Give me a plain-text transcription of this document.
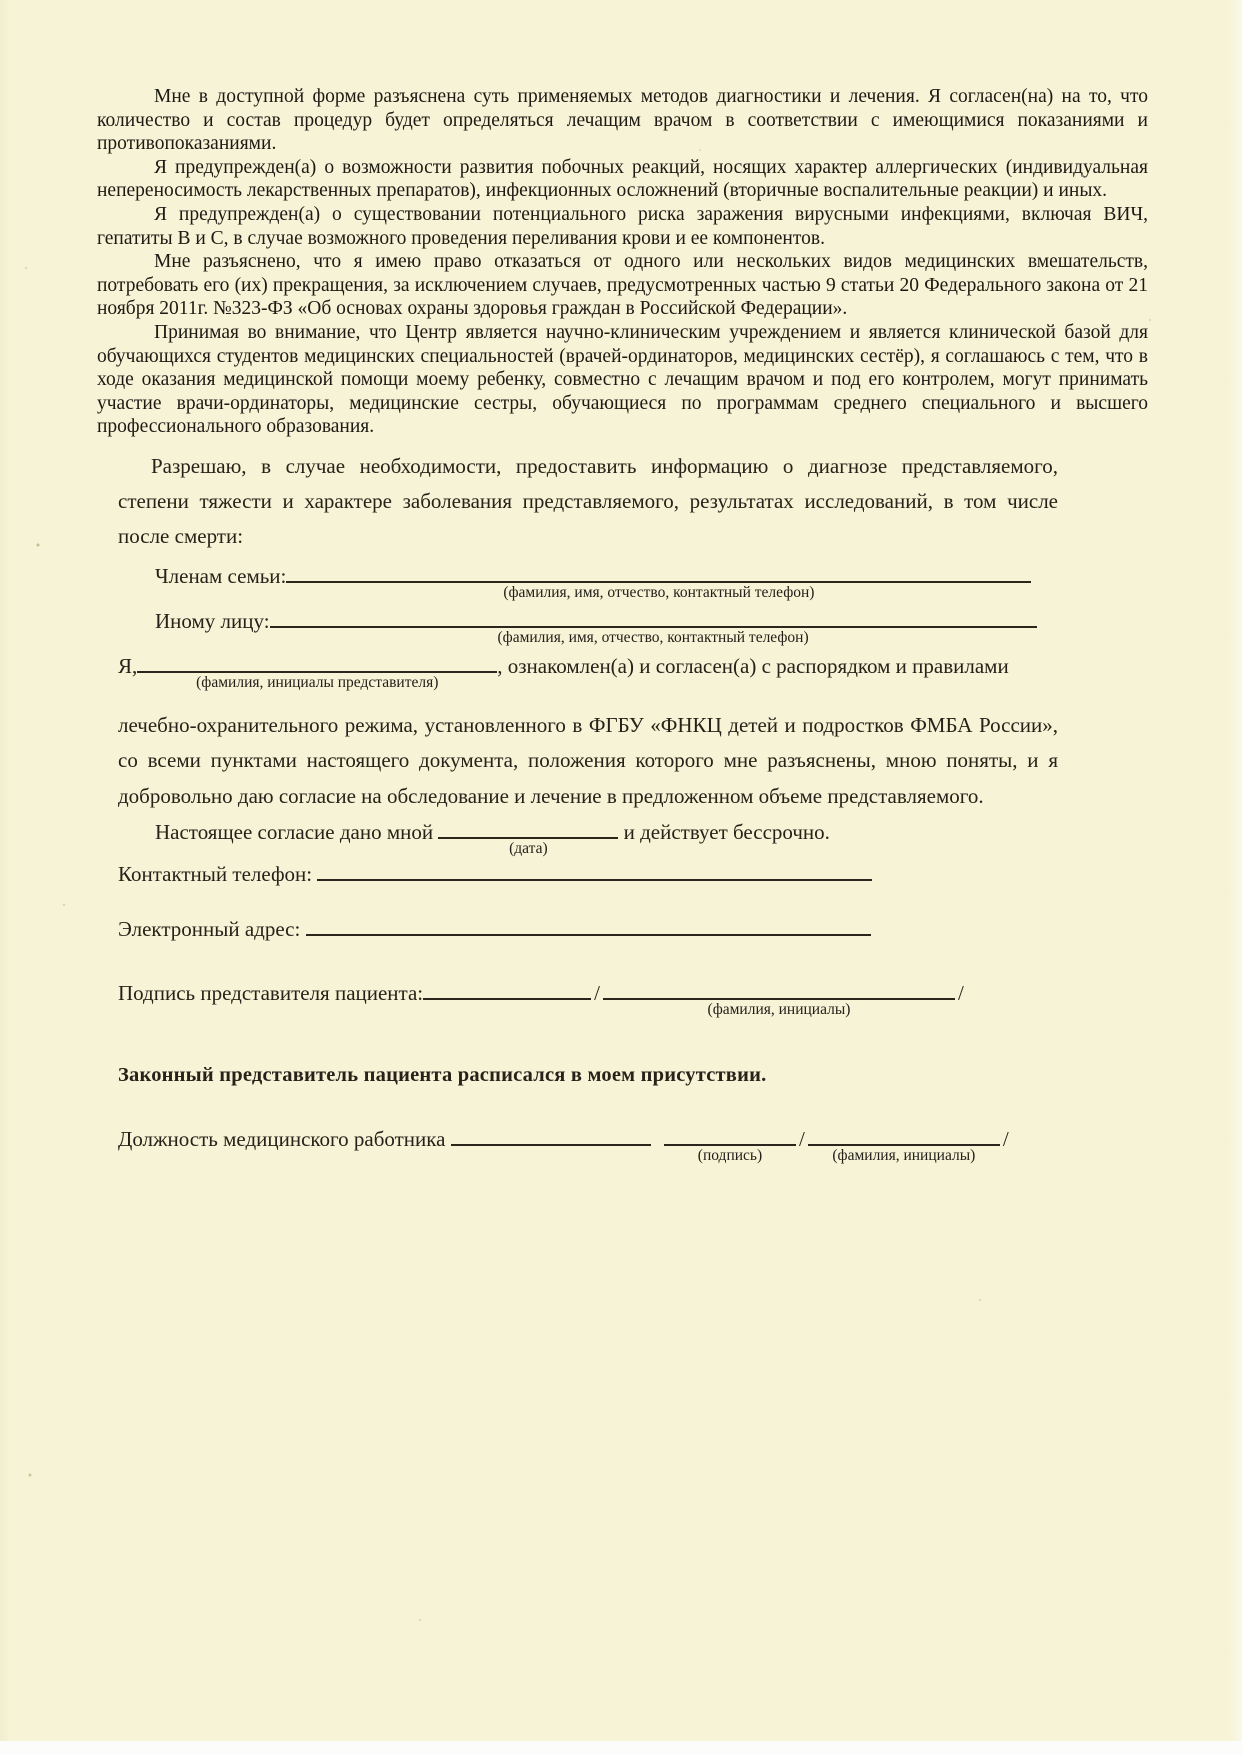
Мне в доступной форме разъяснена суть применяемых методов диагностики и лечения. Я согласен(на) на то, что количество и состав процедур будет определяться лечащим врачом в соответствии с имеющимися показаниями и противопоказаниями.

Я предупрежден(а) о возможности развития побочных реакций, носящих характер аллергических (индивидуальная непереносимость лекарственных препаратов), инфекционных осложнений (вторичные воспалительные реакции) и иных.

Я предупрежден(а) о существовании потенциального риска заражения вирусными инфекциями, включая ВИЧ, гепатиты В и С, в случае возможного проведения переливания крови и ее компонентов.

Мне разъяснено, что я имею право отказаться от одного или нескольких видов медицинских вмешательств, потребовать его (их) прекращения, за исключением случаев, предусмотренных частью 9 статьи 20 Федерального закона от 21 ноября 2011г. №323-ФЗ «Об основах охраны здоровья граждан в Российской Федерации».

Принимая во внимание, что Центр является научно-клиническим учреждением и является клинической базой для обучающихся студентов медицинских специальностей (врачей-ординаторов, медицинских сестёр), я соглашаюсь с тем, что в ходе оказания медицинской помощи моему ребенку, совместно с лечащим врачом и под его контролем, могут принимать участие врачи-ординаторы, медицинские сестры, обучающиеся по программам среднего специального и высшего профессионального образования.

Разрешаю, в случае необходимости, предоставить информацию о диагнозе представляемого, степени тяжести и характере заболевания представляемого, результатах исследований, в том числе после смерти:

Членам семьи:
(фамилия, имя, отчество, контактный телефон)
Иному лицу:
(фамилия, имя, отчество, контактный телефон)
Я,
(фамилия, инициалы представителя)
, ознакомлен(а) и согласен(а) с распорядком и правилами

лечебно-охранительного режима, установленного в ФГБУ «ФНКЦ детей и подростков ФМБА России», со всеми пунктами настоящего документа, положения которого мне разъяснены, мною поняты, и я добровольно даю согласие на обследование и лечение в предложенном объеме представляемого.

Настоящее согласие дано мной
(дата)
и действует бессрочно.
Контактный телефон:
Электронный адрес:
Подпись представителя пациента:	/
(фамилия, инициалы)
/
Законный представитель пациента расписался в моем присутствии.
Должность медицинского работника
(подпись)
/
(фамилия, инициалы)
/
